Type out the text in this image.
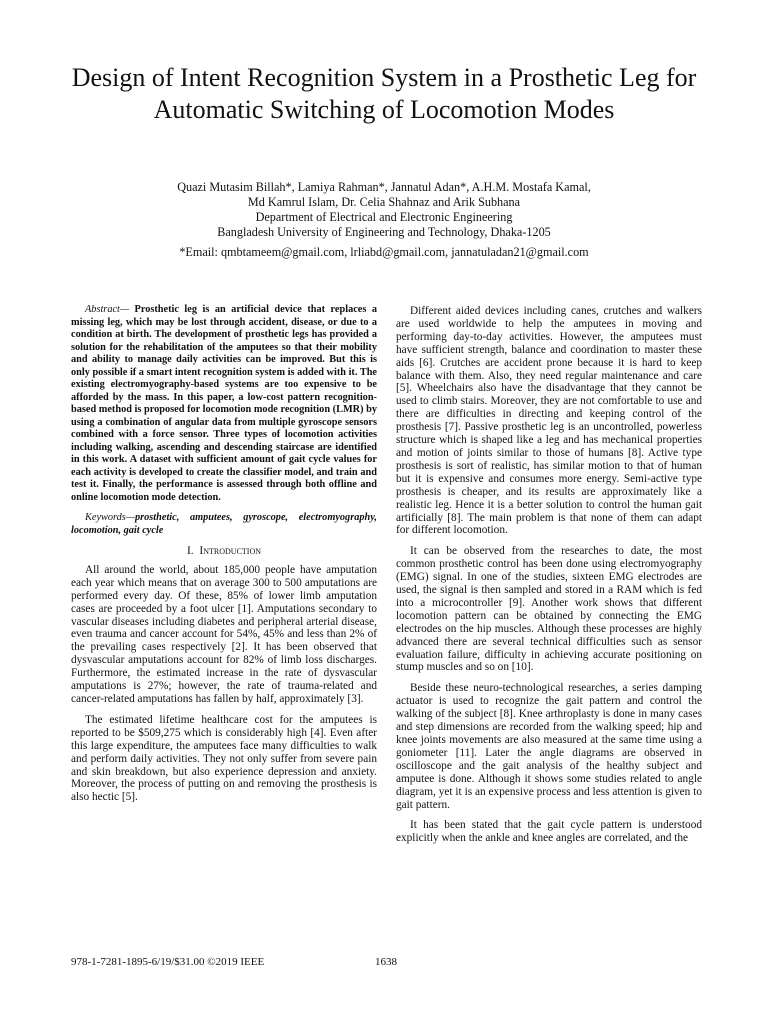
Design of Intent Recognition System in a Prosthetic Leg for Automatic Switching of Locomotion Modes
Quazi Mutasim Billah*, Lamiya Rahman*, Jannatul Adan*, A.H.M. Mostafa Kamal,
Md Kamrul Islam, Dr. Celia Shahnaz and Arik Subhana
Department of Electrical and Electronic Engineering
Bangladesh University of Engineering and Technology, Dhaka-1205
*Email: qmbtameem@gmail.com, lrliabd@gmail.com, jannatuladan21@gmail.com

Abstract— Prosthetic leg is an artificial device that replaces a missing leg, which may be lost through accident, disease, or due to a condition at birth. The development of prosthetic legs has provided a solution for the rehabilitation of the amputees so that their mobility and ability to manage daily activities can be improved. But this is only possible if a smart intent recognition system is added with it. The existing electromyography-based systems are too expensive to be afforded by the mass. In this paper, a low-cost pattern recognition-based method is proposed for locomotion mode recognition (LMR) by using a combination of angular data from multiple gyroscope sensors combined with a force sensor. Three types of locomotion activities including walking, ascending and descending staircase are identified in this work. A dataset with sufficient amount of gait cycle values for each activity is developed to create the classifier model, and train and test it. Finally, the performance is assessed through both offline and online locomotion mode detection.

Keywords—prosthetic, amputees, gyroscope, electromyography, locomotion, gait cycle

I. Introduction

All around the world, about 185,000 people have amputation each year which means that on average 300 to 500 amputations are performed every day. Of these, 85% of lower limb amputation cases are proceeded by a foot ulcer [1]. Amputations secondary to vascular diseases including diabetes and peripheral arterial disease, even trauma and cancer account for 54%, 45% and less than 2% of the prevailing cases respectively [2]. It has been observed that dysvascular amputations account for 82% of limb loss discharges. Furthermore, the estimated increase in the rate of dysvascular amputations is 27%; however, the rate of trauma-related and cancer-related amputations has fallen by half, approximately [3].

The estimated lifetime healthcare cost for the amputees is reported to be $509,275 which is considerably high [4]. Even after this large expenditure, the amputees face many difficulties to walk and perform daily activities. They not only suffer from severe pain and skin breakdown, but also experience depression and anxiety. Moreover, the process of putting on and removing the prosthesis is also hectic [5].

Different aided devices including canes, crutches and walkers are used worldwide to help the amputees in moving and performing day-to-day activities. However, the amputees must have sufficient strength, balance and coordination to master these aids [6]. Crutches are accident prone because it is hard to keep balance with them. Also, they need regular maintenance and care [5]. Wheelchairs also have the disadvantage that they cannot be used to climb stairs. Moreover, they are not comfortable to use and there are difficulties in directing and keeping control of the prosthesis [7]. Passive prosthetic leg is an uncontrolled, powerless structure which is shaped like a leg and has mechanical properties and motion of joints similar to those of humans [8]. Active type prosthesis is sort of realistic, has similar motion to that of human but it is expensive and consumes more energy. Semi-active type prosthesis is cheaper, and its results are approximately like a realistic leg. Hence it is a better solution to control the human gait artificially [8]. The main problem is that none of them can adapt for different locomotion.

It can be observed from the researches to date, the most common prosthetic control has been done using electromyography (EMG) signal. In one of the studies, sixteen EMG electrodes are used, the signal is then sampled and stored in a RAM which is fed into a microcontroller [9]. Another work shows that different locomotion pattern can be obtained by connecting the EMG electrodes on the hip muscles. Although these processes are highly advanced there are several technical difficulties such as sensor evaluation failure, difficulty in achieving accurate positioning on stump muscles and so on [10].

Beside these neuro-technological researches, a series damping actuator is used to recognize the gait pattern and control the walking of the subject [8]. Knee arthroplasty is done in many cases and step dimensions are recorded from the walking speed; hip and knee joints movements are also measured at the same time using a goniometer [11]. Later the angle diagrams are observed in oscilloscope and the gait analysis of the healthy subject and amputee is done. Although it shows some studies related to angle diagram, yet it is an expensive process and less attention is given to gait pattern.

It has been stated that the gait cycle pattern is understood explicitly when the ankle and knee angles are correlated, and the

978-1-7281-1895-6/19/$31.00 ©2019 IEEE	1638
